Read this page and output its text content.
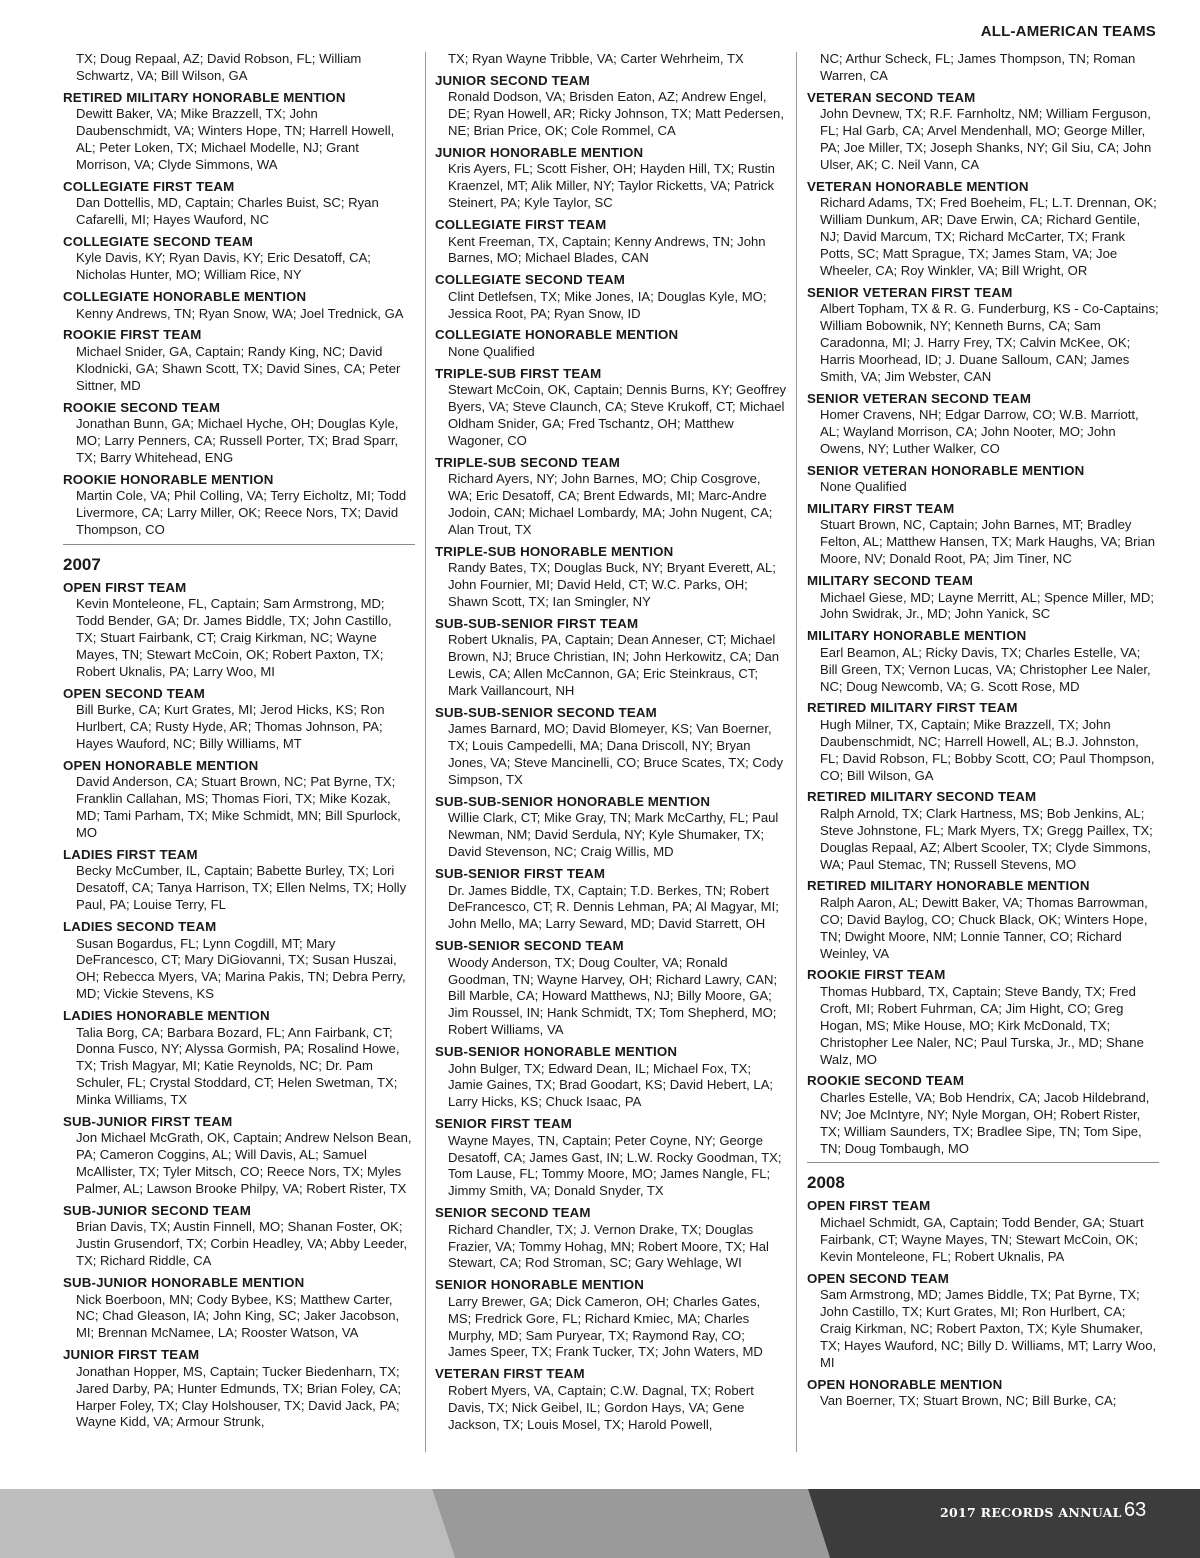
ALL-AMERICAN TEAMS
TX; Doug Repaal, AZ; David Robson, FL; William Schwartz, VA; Bill Wilson, GA
RETIRED MILITARY HONORABLE MENTION
Dewitt Baker, VA; Mike Brazzell, TX; John Daubenschmidt, VA; Winters Hope, TN; Harrell Howell, AL; Peter Loken, TX; Michael Modelle, NJ; Grant Morrison, VA; Clyde Simmons, WA
COLLEGIATE FIRST TEAM
Dan Dottellis, MD, Captain; Charles Buist, SC; Ryan Cafarelli, MI; Hayes Wauford, NC
COLLEGIATE SECOND TEAM
Kyle Davis, KY; Ryan Davis, KY; Eric Desatoff, CA; Nicholas Hunter, MO; William Rice, NY
COLLEGIATE HONORABLE MENTION
Kenny Andrews, TN; Ryan Snow, WA; Joel Trednick, GA
ROOKIE FIRST TEAM
Michael Snider, GA, Captain; Randy King, NC; David Klodnicki, GA; Shawn Scott, TX; David Sines, CA; Peter Sittner, MD
ROOKIE SECOND TEAM
Jonathan Bunn, GA; Michael Hyche, OH; Douglas Kyle, MO; Larry Penners, CA; Russell Porter, TX; Brad Sparr, TX; Barry Whitehead, ENG
ROOKIE HONORABLE MENTION
Martin Cole, VA; Phil Colling, VA; Terry Eicholtz, MI; Todd Livermore, CA; Larry Miller, OK; Reece Nors, TX; David Thompson, CO
2007
OPEN FIRST TEAM
Kevin Monteleone, FL, Captain; Sam Armstrong, MD; Todd Bender, GA; Dr. James Biddle, TX; John Castillo, TX; Stuart Fairbank, CT; Craig Kirkman, NC; Wayne Mayes, TN; Stewart McCoin, OK; Robert Paxton, TX; Robert Uknalis, PA; Larry Woo, MI
OPEN SECOND TEAM
Bill Burke, CA; Kurt Grates, MI; Jerod Hicks, KS; Ron Hurlbert, CA; Rusty Hyde, AR; Thomas Johnson, PA; Hayes Wauford, NC; Billy Williams, MT
OPEN HONORABLE MENTION
David Anderson, CA; Stuart Brown, NC; Pat Byrne, TX; Franklin Callahan, MS; Thomas Fiori, TX; Mike Kozak, MD; Tami Parham, TX; Mike Schmidt, MN; Bill Spurlock, MO
LADIES FIRST TEAM
Becky McCumber, IL, Captain; Babette Burley, TX; Lori Desatoff, CA; Tanya Harrison, TX; Ellen Nelms, TX; Holly Paul, PA; Louise Terry, FL
LADIES SECOND TEAM
Susan Bogardus, FL; Lynn Cogdill, MT; Mary DeFrancesco, CT; Mary DiGiovanni, TX; Susan Huszai, OH; Rebecca Myers, VA; Marina Pakis, TN; Debra Perry, MD; Vickie Stevens, KS
LADIES HONORABLE MENTION
Talia Borg, CA; Barbara Bozard, FL; Ann Fairbank, CT; Donna Fusco, NY; Alyssa Gormish, PA; Rosalind Howe, TX; Trish Magyar, MI; Katie Reynolds, NC; Dr. Pam Schuler, FL; Crystal Stoddard, CT; Helen Swetman, TX; Minka Williams, TX
SUB-JUNIOR FIRST TEAM
Jon Michael McGrath, OK, Captain; Andrew Nelson Bean, PA; Cameron Coggins, AL; Will Davis, AL; Samuel McAllister, TX; Tyler Mitsch, CO; Reece Nors, TX; Myles Palmer, AL; Lawson Brooke Philpy, VA; Robert Rister, TX
SUB-JUNIOR SECOND TEAM
Brian Davis, TX; Austin Finnell, MO; Shanan Foster, OK; Justin Grusendorf, TX; Corbin Headley, VA; Abby Leeder, TX; Richard Riddle, CA
SUB-JUNIOR HONORABLE MENTION
Nick Boerboon, MN; Cody Bybee, KS; Matthew Carter, NC; Chad Gleason, IA; John King, SC; Jaker Jacobson, MI; Brennan McNamee, LA; Rooster Watson, VA
JUNIOR FIRST TEAM
Jonathan Hopper, MS, Captain; Tucker Biedenharn, TX; Jared Darby, PA; Hunter Edmunds, TX; Brian Foley, CA; Harper Foley, TX; Clay Holshouser, TX; David Jack, PA; Wayne Kidd, VA; Armour Strunk,
TX; Ryan Wayne Tribble, VA; Carter Wehrheim, TX
JUNIOR SECOND TEAM
Ronald Dodson, VA; Brisden Eaton, AZ; Andrew Engel, DE; Ryan Howell, AR; Ricky Johnson, TX; Matt Pedersen, NE; Brian Price, OK; Cole Rommel, CA
JUNIOR HONORABLE MENTION
Kris Ayers, FL; Scott Fisher, OH; Hayden Hill, TX; Rustin Kraenzel, MT; Alik Miller, NY; Taylor Ricketts, VA; Patrick Steinert, PA; Kyle Taylor, SC
COLLEGIATE FIRST TEAM
Kent Freeman, TX, Captain; Kenny Andrews, TN; John Barnes, MO; Michael Blades, CAN
COLLEGIATE SECOND TEAM
Clint Detlefsen, TX; Mike Jones, IA; Douglas Kyle, MO; Jessica Root, PA; Ryan Snow, ID
COLLEGIATE HONORABLE MENTION
None Qualified
TRIPLE-SUB FIRST TEAM
Stewart McCoin, OK, Captain; Dennis Burns, KY; Geoffrey Byers, VA; Steve Claunch, CA; Steve Krukoff, CT; Michael Oldham Snider, GA; Fred Tschantz, OH; Matthew Wagoner, CO
TRIPLE-SUB SECOND TEAM
Richard Ayers, NY; John Barnes, MO; Chip Cosgrove, WA; Eric Desatoff, CA; Brent Edwards, MI; Marc-Andre Jodoin, CAN; Michael Lombardy, MA; John Nugent, CA; Alan Trout, TX
TRIPLE-SUB HONORABLE MENTION
Randy Bates, TX; Douglas Buck, NY; Bryant Everett, AL; John Fournier, MI; David Held, CT; W.C. Parks, OH; Shawn Scott, TX; Ian Smingler, NY
SUB-SUB-SENIOR FIRST TEAM
Robert Uknalis, PA, Captain; Dean Anneser, CT; Michael Brown, NJ; Bruce Christian, IN; John Herkowitz, CA; Dan Lewis, CA; Allen McCannon, GA; Eric Steinkraus, CT; Mark Vaillancourt, NH
SUB-SUB-SENIOR SECOND TEAM
James Barnard, MO; David Blomeyer, KS; Van Boerner, TX; Louis Campedelli, MA; Dana Driscoll, NY; Bryan Jones, VA; Steve Mancinelli, CO; Bruce Scates, TX; Cody Simpson, TX
SUB-SUB-SENIOR HONORABLE MENTION
Willie Clark, CT; Mike Gray, TN; Mark McCarthy, FL; Paul Newman, NM; David Serdula, NY; Kyle Shumaker, TX; David Stevenson, NC; Craig Willis, MD
SUB-SENIOR FIRST TEAM
Dr. James Biddle, TX, Captain; T.D. Berkes, TN; Robert DeFrancesco, CT; R. Dennis Lehman, PA; Al Magyar, MI; John Mello, MA; Larry Seward, MD; David Starrett, OH
SUB-SENIOR SECOND TEAM
Woody Anderson, TX; Doug Coulter, VA; Ronald Goodman, TN; Wayne Harvey, OH; Richard Lawry, CAN; Bill Marble, CA; Howard Matthews, NJ; Billy Moore, GA; Jim Roussel, IN; Hank Schmidt, TX; Tom Shepherd, MO; Robert Williams, VA
SUB-SENIOR HONORABLE MENTION
John Bulger, TX; Edward Dean, IL; Michael Fox, TX; Jamie Gaines, TX; Brad Goodart, KS; David Hebert, LA; Larry Hicks, KS; Chuck Isaac, PA
SENIOR FIRST TEAM
Wayne Mayes, TN, Captain; Peter Coyne, NY; George Desatoff, CA; James Gast, IN; L.W. Rocky Goodman, TX; Tom Lause, FL; Tommy Moore, MO; James Nangle, FL; Jimmy Smith, VA; Donald Snyder, TX
SENIOR SECOND TEAM
Richard Chandler, TX; J. Vernon Drake, TX; Douglas Frazier, VA; Tommy Hohag, MN; Robert Moore, TX; Hal Stewart, CA; Rod Stroman, SC; Gary Wehlage, WI
SENIOR HONORABLE MENTION
Larry Brewer, GA; Dick Cameron, OH; Charles Gates, MS; Fredrick Gore, FL; Richard Kmiec, MA; Charles Murphy, MD; Sam Puryear, TX; Raymond Ray, CO; James Speer, TX; Frank Tucker, TX; John Waters, MD
VETERAN FIRST TEAM
Robert Myers, VA, Captain; C.W. Dagnal, TX; Robert Davis, TX; Nick Geibel, IL; Gordon Hays, VA; Gene Jackson, TX; Louis Mosel, TX; Harold Powell,
NC; Arthur Scheck, FL; James Thompson, TN; Roman Warren, CA
VETERAN SECOND TEAM
John Devnew, TX; R.F. Farnholtz, NM; William Ferguson, FL; Hal Garb, CA; Arvel Mendenhall, MO; George Miller, PA; Joe Miller, TX; Joseph Shanks, NY; Gil Siu, CA; John Ulser, AK; C. Neil Vann, CA
VETERAN HONORABLE MENTION
Richard Adams, TX; Fred Boeheim, FL; L.T. Drennan, OK; William Dunkum, AR; Dave Erwin, CA; Richard Gentile, NJ; David Marcum, TX; Richard McCarter, TX; Frank Potts, SC; Matt Sprague, TX; James Stam, VA; Joe Wheeler, CA; Roy Winkler, VA; Bill Wright, OR
SENIOR VETERAN FIRST TEAM
Albert Topham, TX & R. G. Funderburg, KS - Co-Captains; William Bobownik, NY; Kenneth Burns, CA; Sam Caradonna, MI; J. Harry Frey, TX; Calvin McKee, OK; Harris Moorhead, ID; J. Duane Salloum, CAN; James Smith, VA; Jim Webster, CAN
SENIOR VETERAN SECOND TEAM
Homer Cravens, NH; Edgar Darrow, CO; W.B. Marriott, AL; Wayland Morrison, CA; John Nooter, MO; John Owens, NY; Luther Walker, CO
SENIOR VETERAN HONORABLE MENTION
None Qualified
MILITARY FIRST TEAM
Stuart Brown, NC, Captain; John Barnes, MT; Bradley Felton, AL; Matthew Hansen, TX; Mark Haughs, VA; Brian Moore, NV; Donald Root, PA; Jim Tiner, NC
MILITARY SECOND TEAM
Michael Giese, MD; Layne Merritt, AL; Spence Miller, MD; John Swidrak, Jr., MD; John Yanick, SC
MILITARY HONORABLE MENTION
Earl Beamon, AL; Ricky Davis, TX; Charles Estelle, VA; Bill Green, TX; Vernon Lucas, VA; Christopher Lee Naler, NC; Doug Newcomb, VA; G. Scott Rose, MD
RETIRED MILITARY FIRST TEAM
Hugh Milner, TX, Captain; Mike Brazzell, TX; John Daubenschmidt, NC; Harrell Howell, AL; B.J. Johnston, FL; David Robson, FL; Bobby Scott, CO; Paul Thompson, CO; Bill Wilson, GA
RETIRED MILITARY SECOND TEAM
Ralph Arnold, TX; Clark Hartness, MS; Bob Jenkins, AL; Steve Johnstone, FL; Mark Myers, TX; Gregg Paillex, TX; Douglas Repaal, AZ; Albert Scooler, TX; Clyde Simmons, WA; Paul Stemac, TN; Russell Stevens, MO
RETIRED MILITARY HONORABLE MENTION
Ralph Aaron, AL; Dewitt Baker, VA; Thomas Barrowman, CO; David Baylog, CO; Chuck Black, OK; Winters Hope, TN; Dwight Moore, NM; Lonnie Tanner, CO; Richard Weinley, VA
ROOKIE FIRST TEAM
Thomas Hubbard, TX, Captain; Steve Bandy, TX; Fred Croft, MI; Robert Fuhrman, CA; Jim Hight, CO; Greg Hogan, MS; Mike House, MO; Kirk McDonald, TX; Christopher Lee Naler, NC; Paul Turska, Jr., MD; Shane Walz, MO
ROOKIE SECOND TEAM
Charles Estelle, VA; Bob Hendrix, CA; Jacob Hildebrand, NV; Joe McIntyre, NY; Nyle Morgan, OH; Robert Rister, TX; William Saunders, TX; Bradlee Sipe, TN; Tom Sipe, TN; Doug Tombaugh, MO
2008
OPEN FIRST TEAM
Michael Schmidt, GA, Captain; Todd Bender, GA; Stuart Fairbank, CT; Wayne Mayes, TN; Stewart McCoin, OK; Kevin Monteleone, FL; Robert Uknalis, PA
OPEN SECOND TEAM
Sam Armstrong, MD; James Biddle, TX; Pat Byrne, TX; John Castillo, TX; Kurt Grates, MI; Ron Hurlbert, CA; Craig Kirkman, NC; Robert Paxton, TX; Kyle Shumaker, TX; Hayes Wauford, NC; Billy D. Williams, MT; Larry Woo, MI
OPEN HONORABLE MENTION
Van Boerner, TX; Stuart Brown, NC; Bill Burke, CA;
2017 RECORDS ANNUAL 63
